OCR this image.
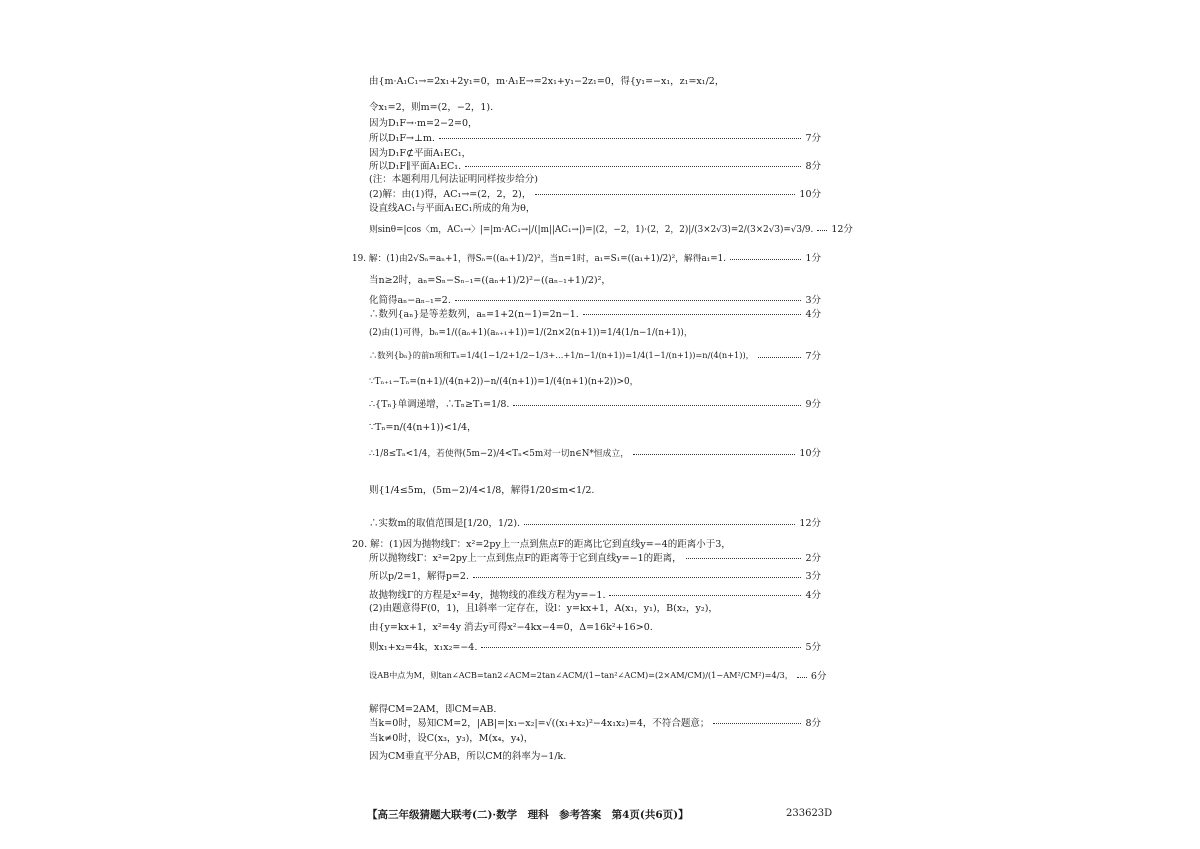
由{m·A₁C₁→=2x₁+2y₁=0，m·A₁E→=2x₁+y₁−2z₁=0，得{y₁=−x₁，z₁=x₁/2，
令x₁=2，则m=(2，−2，1).
因为D₁F→·m=2−2=0，
所以D₁F→⊥m.	7分
因为D₁F⊄平面A₁EC₁，
所以D₁F∥平面A₁EC₁.	8分
(注：本题利用几何法证明同样按步给分)
(2)解：由(1)得，AC₁→=(2，2，2)，	10分
设直线AC₁与平面A₁EC₁所成的角为θ，
则sinθ=|cos〈m，AC₁→〉|=|m·AC₁→|/(|m||AC₁→|)=|(2，−2，1)·(2，2，2)|/(3×2√3)=2/(3×2√3)=√3/9. 12分
19. 解：(1)由2√Sₙ=aₙ+1，得Sₙ=((aₙ+1)/2)²，当n=1时，a₁=S₁=((a₁+1)/2)²，解得a₁=1.	1分
当n≥2时，aₙ=Sₙ−Sₙ₋₁=((aₙ+1)/2)²−((aₙ₋₁+1)/2)²，
化简得aₙ−aₙ₋₁=2.	3分
∴数列{aₙ}是等差数列，aₙ=1+2(n−1)=2n−1.	4分
(2)由(1)可得，bₙ=1/((aₙ+1)(aₙ₊₁+1))=1/(2n×2(n+1))=1/4(1/n−1/(n+1))，
∴数列{bₙ}的前n项和Tₙ=1/4(1−1/2+1/2−1/3+…+1/n−1/(n+1))=1/4(1−1/(n+1))=n/(4(n+1))，	7分
∵Tₙ₊₁−Tₙ=(n+1)/(4(n+2))−n/(4(n+1))=1/(4(n+1)(n+2))>0，
∴{Tₙ}单调递增，∴Tₙ≥T₁=1/8.	9分
∵Tₙ=n/(4(n+1))<1/4，
∴1/8≤Tₙ<1/4，若使得(5m−2)/4<Tₙ<5m对一切n∈N*恒成立，	10分
则{1/4≤5m，(5m−2)/4<1/8，解得1/20≤m<1/2.
∴实数m的取值范围是[1/20，1/2).	12分
20. 解：(1)因为抛物线Γ：x²=2py上一点到焦点F的距离比它到直线y=−4的距离小于3，
所以抛物线Γ：x²=2py上一点到焦点F的距离等于它到直线y=−1的距离，	2分
所以p/2=1，解得p=2.	3分
故抛物线Γ的方程是x²=4y，抛物线的准线方程为y=−1.	4分
(2)由题意得F(0，1)，且l斜率一定存在，设l：y=kx+1，A(x₁，y₁)，B(x₂，y₂)，
由{y=kx+1，x²=4y 消去y可得x²−4kx−4=0，Δ=16k²+16>0.
则x₁+x₂=4k，x₁x₂=−4.	5分
设AB中点为M，则tan∠ACB=tan2∠ACM=2tan∠ACM/(1−tan²∠ACM)=(2×AM/CM)/(1−AM²/CM²)=4/3， 6分
解得CM=2AM，即CM=AB.
当k=0时，易知CM=2，|AB|=|x₁−x₂|=√((x₁+x₂)²−4x₁x₂)=4，不符合题意；	8分
当k≠0时，设C(x₃，y₃)，M(x₄，y₄)，
因为CM垂直平分AB，所以CM的斜率为−1/k.
【高三年级猜题大联考(二)·数学　理科　参考答案　第4页(共6页)】	233623D
